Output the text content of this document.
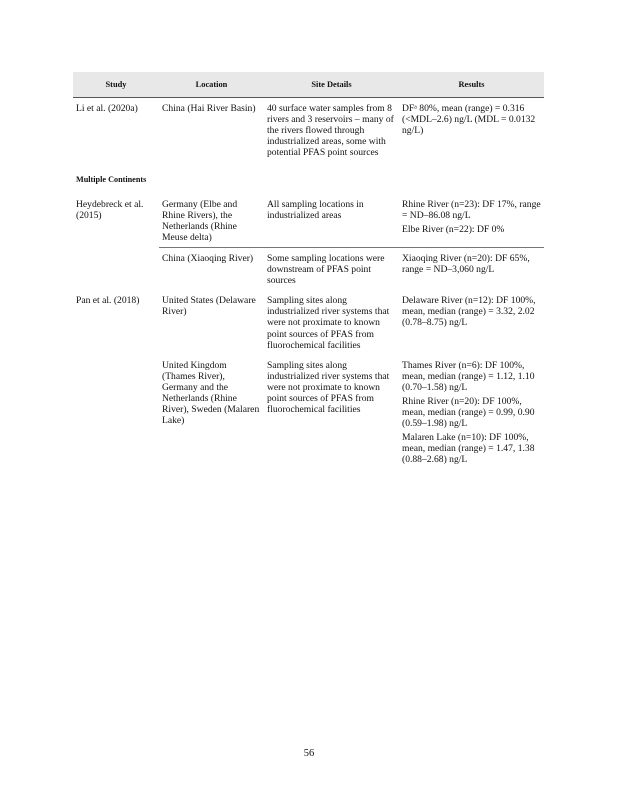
Study	Location	Site Details	Results
Li et al. (2020a)	China (Hai River Basin)	40 surface water samples from 8 rivers and 3 reservoirs – many of the rivers flowed through industrialized areas, some with potential PFAS point sources	DFᵃ 80%, mean (range) = 0.316 (<MDL–2.6) ng/L (MDL = 0.0132 ng/L)

Multiple Continents			
Heydebreck et al. (2015)	Germany (Elbe and Rhine Rivers), the Netherlands (Rhine Meuse delta)	All sampling locations in industrialized areas	Rhine River (n=23): DF 17%, range = ND–86.08 ng/L
Elbe River (n=22): DF 0%

	China (Xiaoqing River)	Some sampling locations were downstream of PFAS point sources	Xiaoqing River (n=20): DF 65%, range = ND–3,060 ng/L

Pan et al. (2018)	United States (Delaware River)	Sampling sites along industrialized river systems that were not proximate to known point sources of PFAS from fluorochemical facilities	Delaware River (n=12): DF 100%, mean, median (range) = 3.32, 2.02 (0.78–8.75) ng/L

	United Kingdom (Thames River), Germany and the Netherlands (Rhine River), Sweden (Malaren Lake)	Sampling sites along industrialized river systems that were not proximate to known point sources of PFAS from fluorochemical facilities	Thames River (n=6): DF 100%, mean, median (range) = 1.12, 1.10 (0.70–1.58) ng/L
Rhine River (n=20): DF 100%, mean, median (range) = 0.99, 0.90 (0.59–1.98) ng/L
Malaren Lake (n=10): DF 100%, mean, median (range) = 1.47, 1.38 (0.88–2.68) ng/L
56
